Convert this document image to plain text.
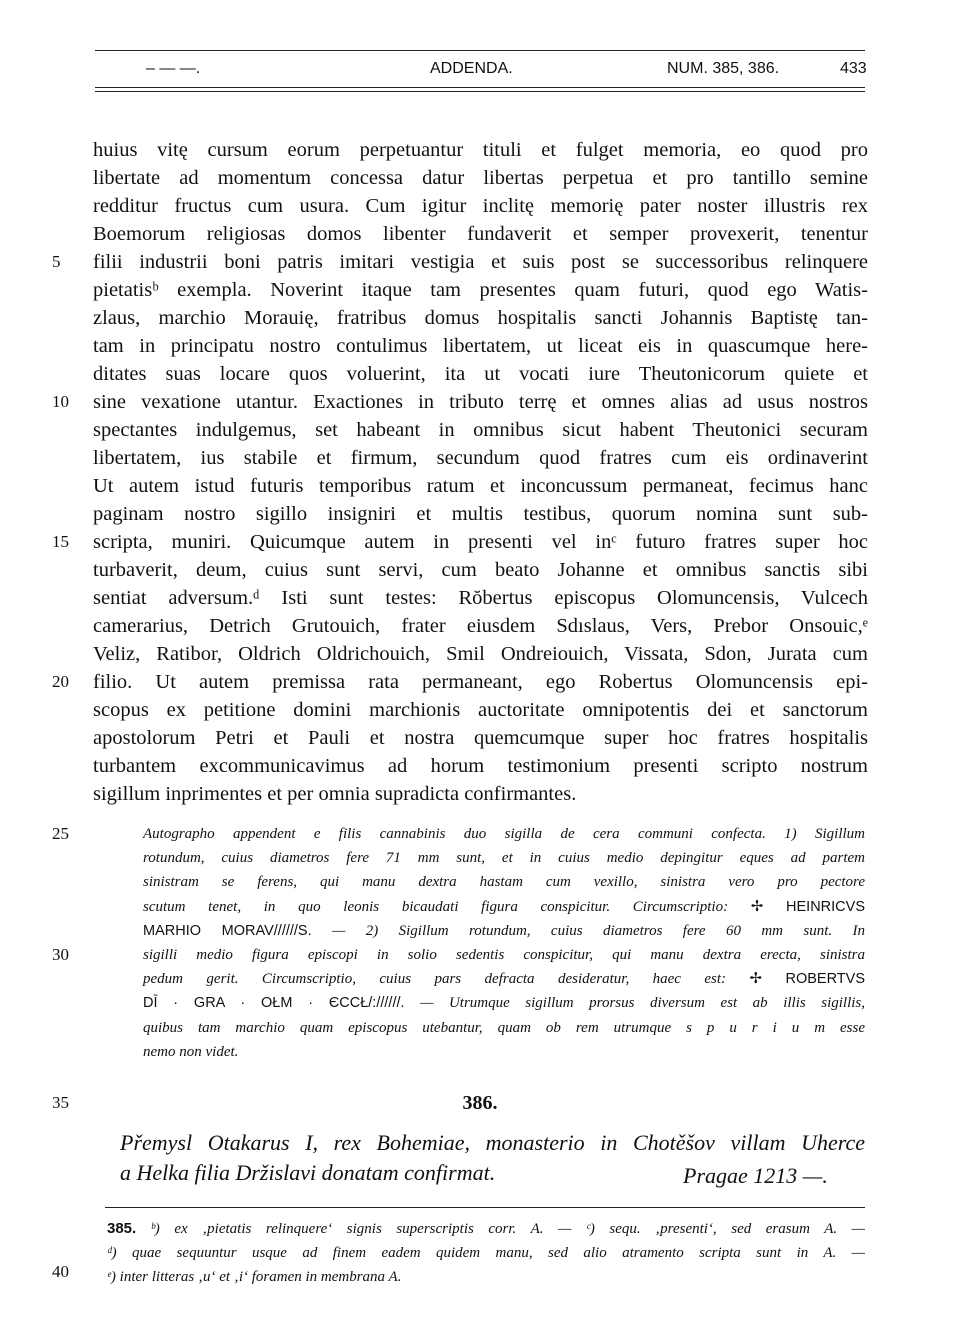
– — —.	ADDENDA.	NUM. 385, 386.	433
huius vitę cursum eorum perpetuantur tituli et fulget memoria, eo quod pro
libertate ad momentum concessa datur libertas perpetua et pro tantillo semine
redditur fructus cum usura. Cum igitur inclitę memorię pater noster illustris rex
Boemorum religiosas domos libenter fundaverit et semper provexerit, tenentur
filii industrii boni patris imitari vestigia et suis post se successoribus relinquere
pietatisᵇ exempla. Noverint itaque tam presentes quam futuri, quod ego Watis-
zlaus, marchio Morauię, fratribus domus hospitalis sancti Johannis Baptistę tan-
tam in principatu nostro contulimus libertatem, ut liceat eis in quascumque here-
ditates suas locare quos voluerint, ita ut vocati iure Theutonicorum quiete et
sine vexatione utantur. Exactiones in tributo terrę et omnes alias ad usus nostros
spectantes indulgemus, set habeant in omnibus sicut habent Theutonici securam
libertatem, ius stabile et firmum, secundum quod fratres cum eis ordinaverint
Ut autem istud futuris temporibus ratum et inconcussum permaneat, fecimus hanc
paginam nostro sigillo insigniri et multis testibus, quorum nomina sunt sub-
scripta, muniri. Quicumque autem in presenti vel inᶜ futuro fratres super hoc
turbaverit, deum, cuius sunt servi, cum beato Johanne et omnibus sanctis sibi
sentiat adversum.ᵈ Isti sunt testes: Rŏbertus episcopus Olomuncensis, Vulcech
camerarius, Detrich Grutouich, frater eiusdem Sdıslaus, Vers, Prebor Onsouic,ᵉ
Veliz, Ratibor, Oldrich Oldrichouich, Smil Ondreiouich, Vissata, Sdon, Jurata cum
filio. Ut autem premissa rata permaneant, ego Robertus Olomuncensis epi-
scopus ex petitione domini marchionis auctoritate omnipotentis dei et sanctorum
apostolorum Petri et Pauli et nostra quemcumque super hoc fratres hospitalis
turbantem excommunicavimus ad horum testimonium presenti scripto nostrum
sigillum inprimentes et per omnia supradicta confirmantes.
5
10
15
20
25
30
35
40
Autographo appendent e filis cannabinis duo sigilla de cera communi confecta. 1) Sigillum
rotundum, cuius diametros fere 71 mm sunt, et in cuius medio depingitur eques ad partem
sinistram se ferens, qui manu dextra hastam cum vexillo, sinistra vero pro pectore
scutum tenet, in quo leonis bicaudati figura conspicitur. Circumscriptio: ✢ HEINRICVS
MARHIO MORAV//////S. — 2) Sigillum rotundum, cuius diametros fere 60 mm sunt. In
sigilli medio figura episcopi in solio sedentis conspicitur, qui manu dextra erecta, sinistra
pedum gerit. Circumscriptio, cuius pars defracta desideratur, haec est: ✢ ROBERTVS
DĪ · GRA · OŁM · ЄCCŁ/://////. — Utrumque sigillum prorsus diversum est ab illis sigillis,
quibus tam marchio quam episcopus utebantur, quam ob rem utrumque s p u r i u m esse
nemo non videt.
386.
Přemysl Otakarus I, rex Bohemiae, monasterio in Chotěšov villam Uherce
a Helka filia Držislavi donatam confirmat.	Pragae 1213 —.
385. ᵇ) ex ‚pietatis relinquere‘ signis superscriptis corr. A. — ᶜ) sequ. ‚presenti‘, sed erasum A. —
ᵈ) quae sequuntur usque ad finem eadem quidem manu, sed alio atramento scripta sunt in A. —
ᵉ) inter litteras ‚u‘ et ‚i‘ foramen in membrana A.
